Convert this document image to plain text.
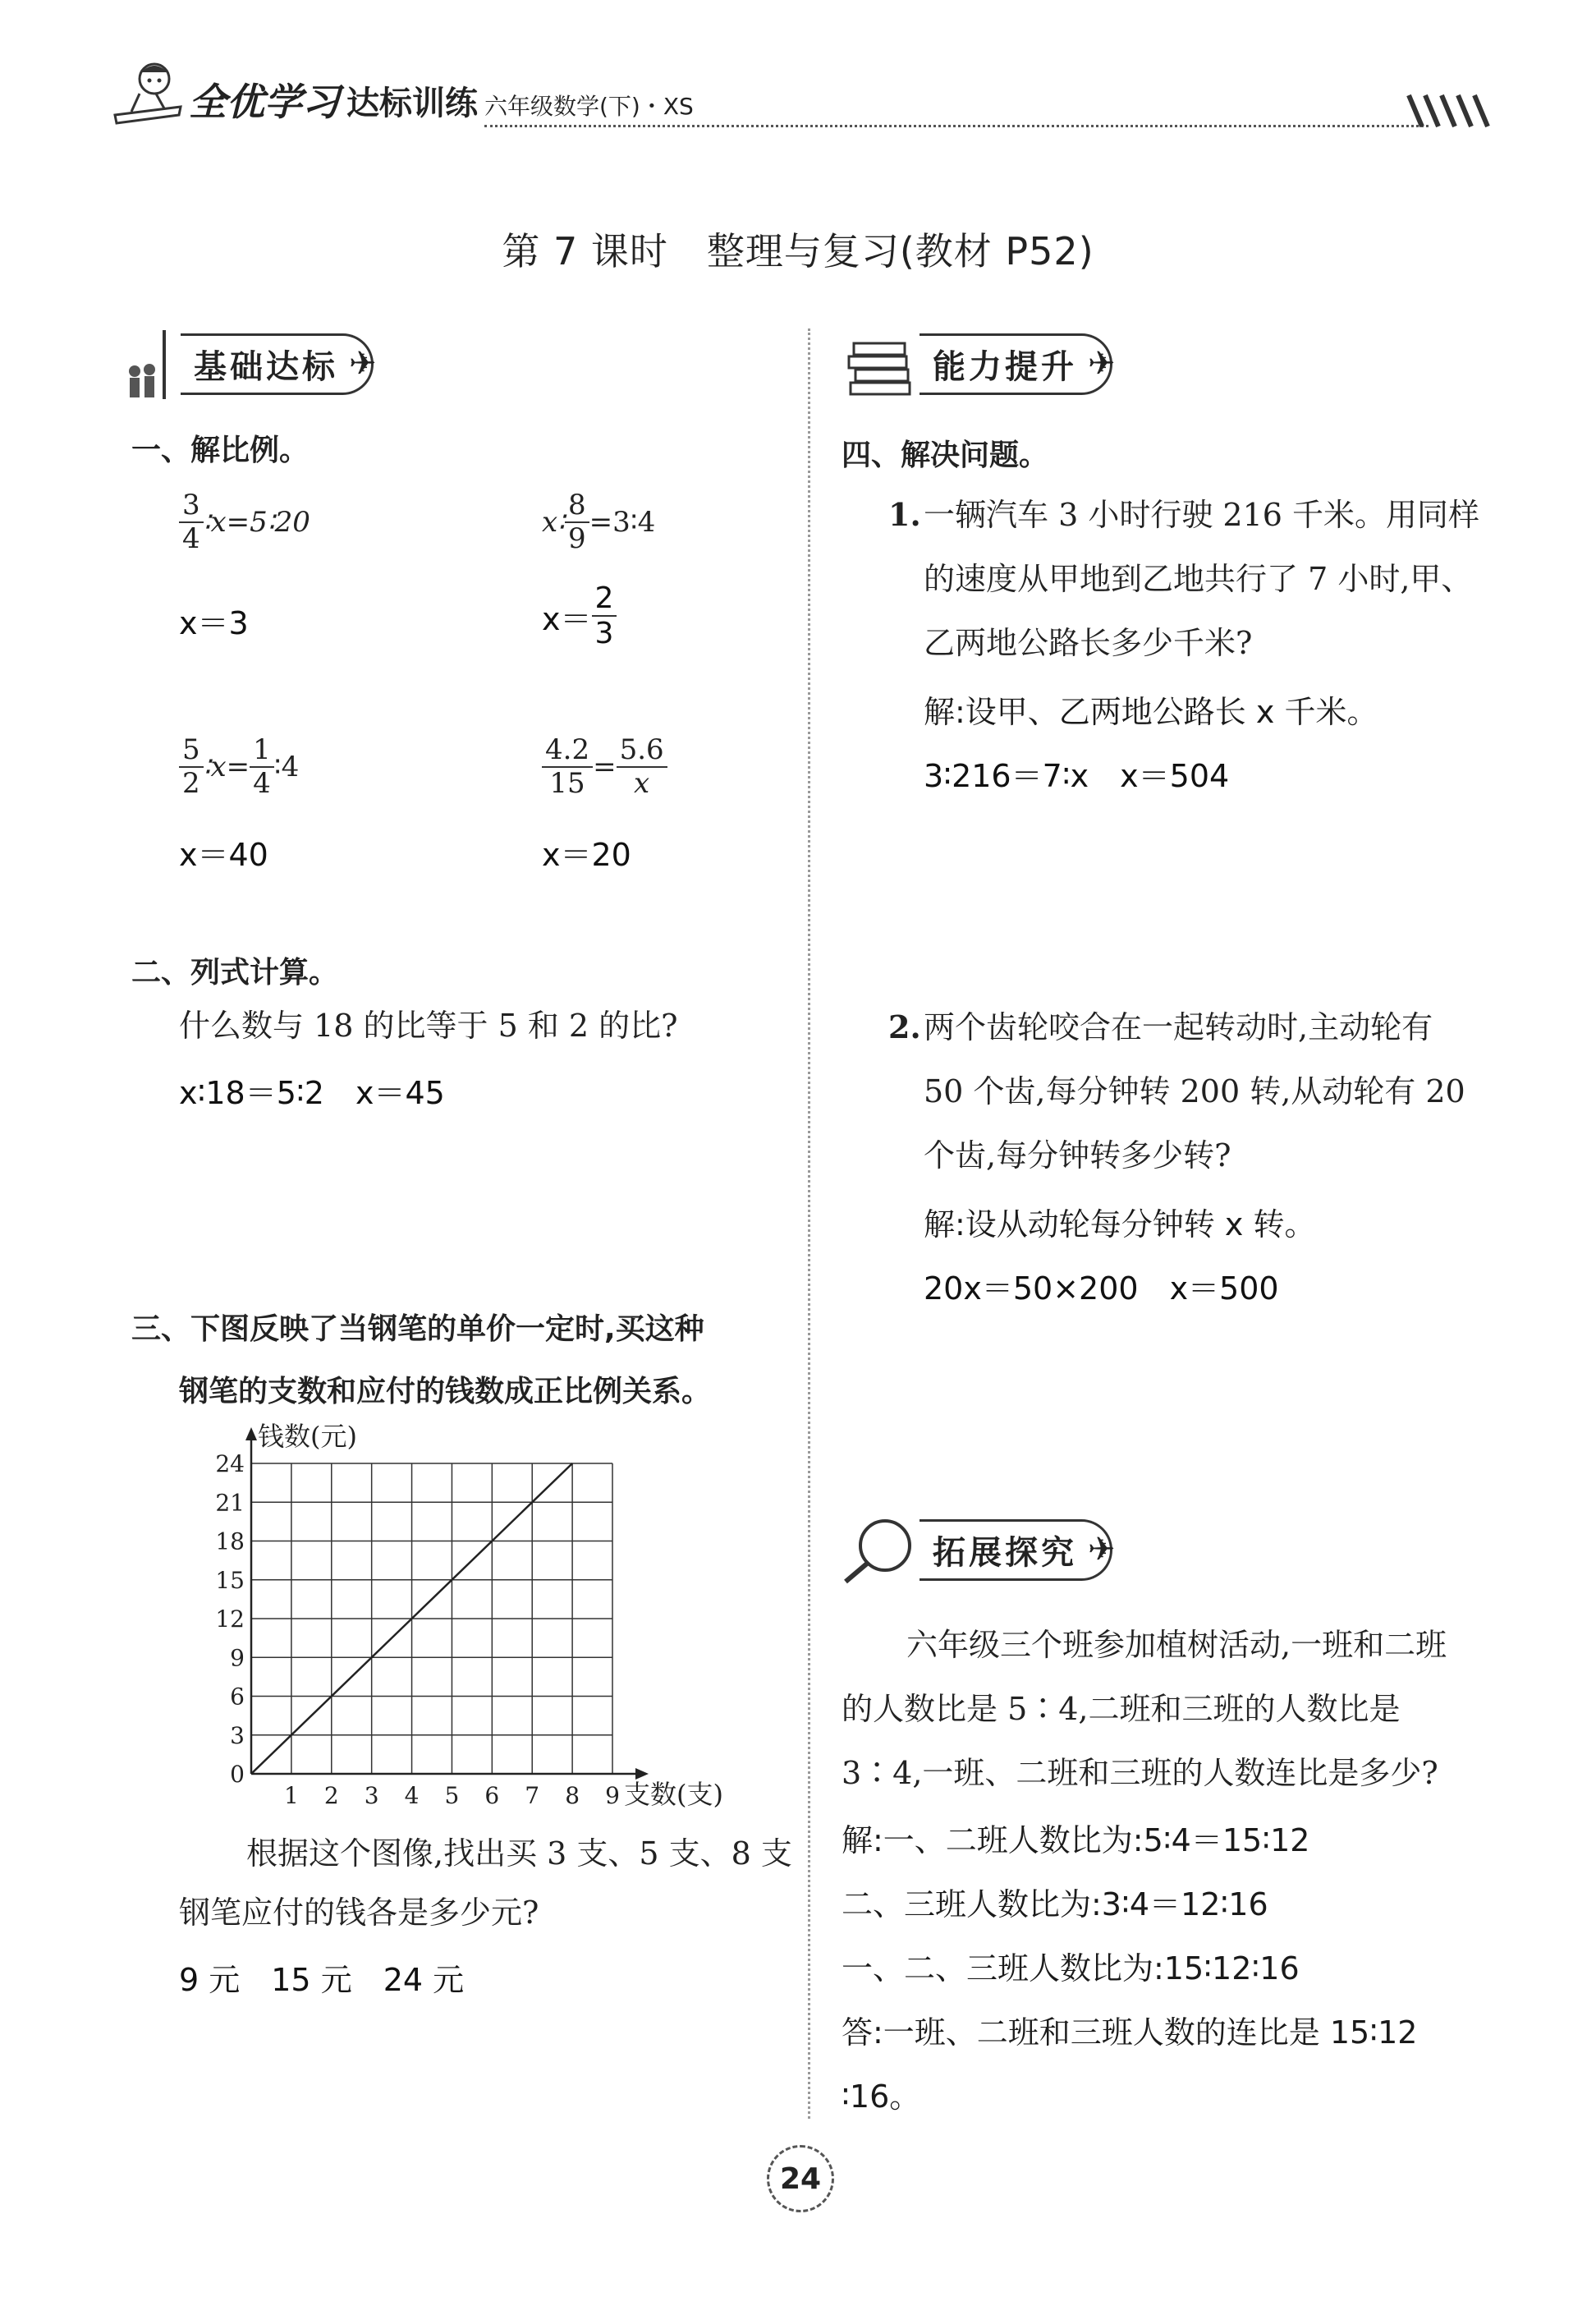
全优学习 达标训练 六年级数学(下)・XS
第 7 课时　整理与复习(教材 P52)
基础达标 ✈
一、解比例。
$\frac{3}{4}$ ∶x=5∶20
x＝3
x∶ $\frac{8}{9}$ =3∶4
$x= \frac{2}{3}$
$\frac{5}{2}$ ∶x= $\frac{1}{4}$ ∶4
x＝40
$\frac{4.2}{15} = \frac{5.6}{x}$
x＝20
二、列式计算。
什么数与 18 的比等于 5 和 2 的比?
x∶18＝5∶2　x＝45
三、下图反映了当钢笔的单价一定时,买这种
钢笔的支数和应付的钱数成正比例关系。
0
3
6
9
12
15
18
21
24
1 2 3 4 5 6 7 8 9
钱数(元)
支数(支)
根据这个图像,找出买 3 支、5 支、8 支
钢笔应付的钱各是多少元?
9 元　15 元　24 元
能力提升 ✈
四、解决问题。
1. 一辆汽车 3 小时行驶 216 千米。用同样
的速度从甲地到乙地共行了 7 小时,甲、
乙两地公路长多少千米?
解:设甲、乙两地公路长 x 千米。
3∶216＝7∶x　x＝504
2. 两个齿轮咬合在一起转动时,主动轮有
50 个齿,每分钟转 200 转,从动轮有 20
个齿,每分钟转多少转?
解:设从动轮每分钟转 x 转。
20x＝50×200　x＝500
拓展探究 ✈
六年级三个班参加植树活动,一班和二班
的人数比是 5∶4,二班和三班的人数比是
3∶4,一班、二班和三班的人数连比是多少?
解:一、二班人数比为:5∶4＝15∶12
二、三班人数比为:3∶4＝12∶16
一、二、三班人数比为:15∶12∶16
答:一班、二班和三班人数的连比是 15∶12
∶16。
24
